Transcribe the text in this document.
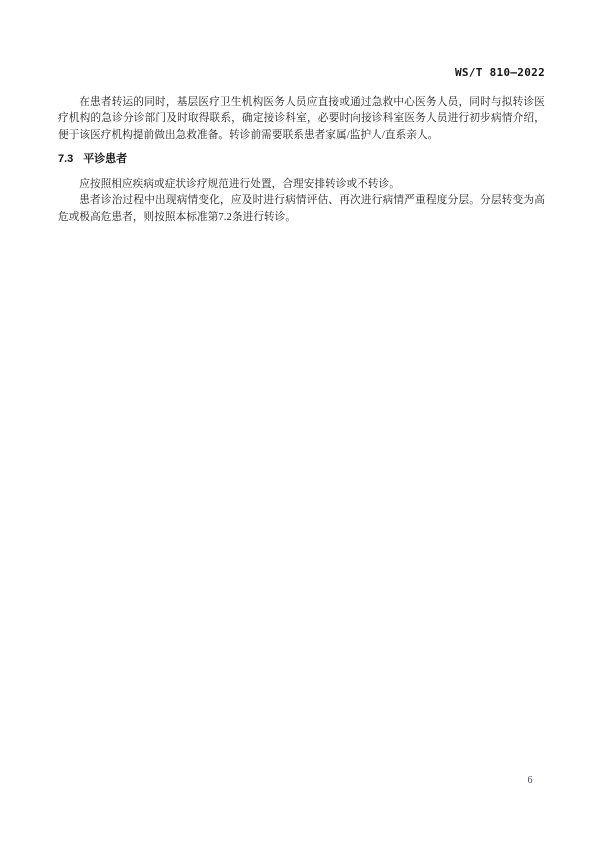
WS/T 810—2022
在患者转运的同时，基层医疗卫生机构医务人员应直接或通过急救中心医务人员，同时与拟转诊医
疗机构的急诊分诊部门及时取得联系，确定接诊科室，必要时向接诊科室医务人员进行初步病情介绍，
便于该医疗机构提前做出急救准备。转诊前需要联系患者家属/监护人/直系亲人。
7.3 平诊患者
应按照相应疾病或症状诊疗规范进行处置，合理安排转诊或不转诊。
患者诊治过程中出现病情变化，应及时进行病情评估、再次进行病情严重程度分层。分层转变为高
危或极高危患者，则按照本标准第7.2条进行转诊。
6
